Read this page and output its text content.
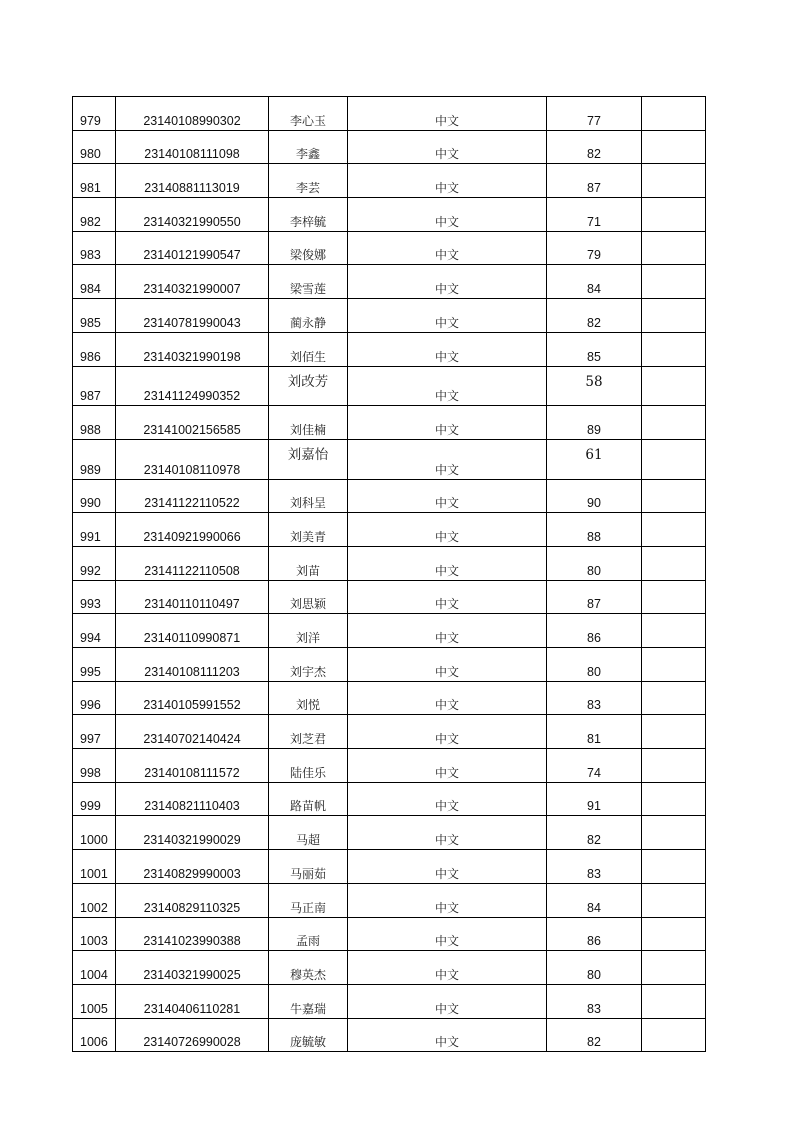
979	23140108990302	李心玉	中文	77	
980	23140108111098	李鑫	中文	82	
981	23140881113019	李芸	中文	87	
982	23140321990550	李梓毓	中文	71	
983	23140121990547	梁俊娜	中文	79	
984	23140321990007	梁雪莲	中文	84	
985	23140781990043	蔺永静	中文	82	
986	23140321990198	刘佰生	中文	85	
987	23141124990352	刘改芳	中文	58	
988	23141002156585	刘佳楠	中文	89	
989	23140108110978	刘嘉怡	中文	61	
990	23141122110522	刘科呈	中文	90	
991	23140921990066	刘美青	中文	88	
992	23141122110508	刘苗	中文	80	
993	23140110110497	刘思颖	中文	87	
994	23140110990871	刘洋	中文	86	
995	23140108111203	刘宇杰	中文	80	
996	23140105991552	刘悦	中文	83	
997	23140702140424	刘芝君	中文	81	
998	23140108111572	陆佳乐	中文	74	
999	23140821110403	路苗帆	中文	91	
1000	23140321990029	马超	中文	82	
1001	23140829990003	马丽茹	中文	83	
1002	23140829110325	马正南	中文	84	
1003	23141023990388	孟雨	中文	86	
1004	23140321990025	穆英杰	中文	80	
1005	23140406110281	牛嘉瑞	中文	83	
1006	23140726990028	庞毓敏	中文	82	
